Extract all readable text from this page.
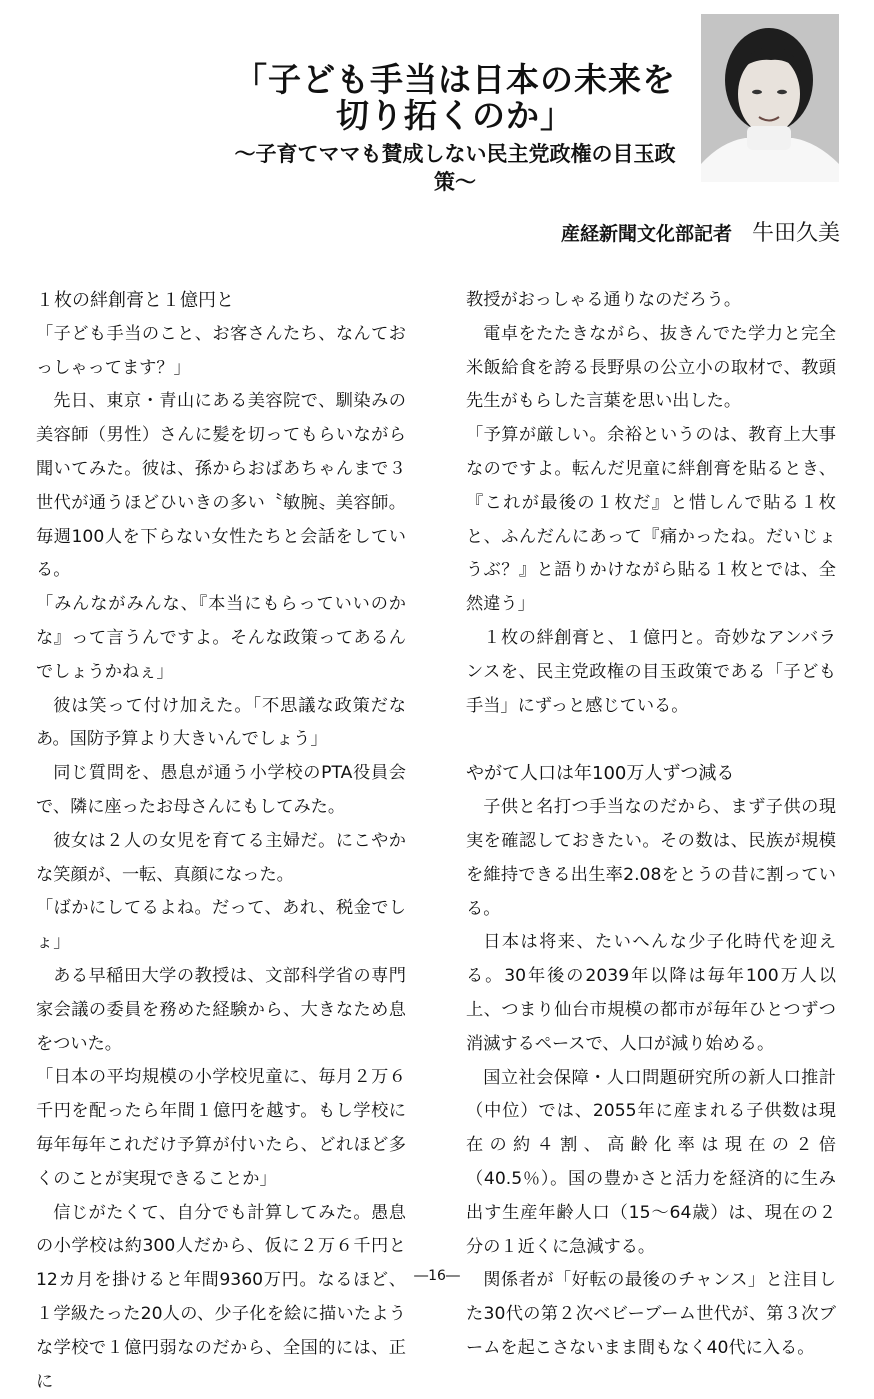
「子ども手当は日本の未来を
切り拓くのか」
〜子育てママも賛成しない民主党政権の目玉政策〜
産経新聞文化部記者 牛田久美
１枚の絆創膏と１億円と

「子ども手当のこと、お客さんたち、なんておっしゃってます？」

先日、東京・青山にある美容院で、馴染みの美容師（男性）さんに髪を切ってもらいながら聞いてみた。彼は、孫からおばあちゃんまで３世代が通うほどひいきの多い〝敏腕〟美容師。毎週100人を下らない女性たちと会話をしている。

「みんながみんな、『本当にもらっていいのかな』って言うんですよ。そんな政策ってあるんでしょうかねぇ」

彼は笑って付け加えた。「不思議な政策だなあ。国防予算より大きいんでしょう」

同じ質問を、愚息が通う小学校のPTA役員会で、隣に座ったお母さんにもしてみた。

彼女は２人の女児を育てる主婦だ。にこやかな笑顔が、一転、真顔になった。

「ばかにしてるよね。だって、あれ、税金でしょ」

ある早稲田大学の教授は、文部科学省の専門家会議の委員を務めた経験から、大きなため息をついた。

「日本の平均規模の小学校児童に、毎月２万６千円を配ったら年間１億円を越す。もし学校に毎年毎年これだけ予算が付いたら、どれほど多くのことが実現できることか」

信じがたくて、自分でも計算してみた。愚息の小学校は約300人だから、仮に２万６千円と12カ月を掛けると年間9360万円。なるほど、１学級たった20人の、少子化を絵に描いたような学校で１億円弱なのだから、全国的には、正に

教授がおっしゃる通りなのだろう。

電卓をたたきながら、抜きんでた学力と完全米飯給食を誇る長野県の公立小の取材で、教頭先生がもらした言葉を思い出した。

「予算が厳しい。余裕というのは、教育上大事なのですよ。転んだ児童に絆創膏を貼るとき、『これが最後の１枚だ』と惜しんで貼る１枚と、ふんだんにあって『痛かったね。だいじょうぶ？』と語りかけながら貼る１枚とでは、全然違う」

１枚の絆創膏と、１億円と。奇妙なアンバランスを、民主党政権の目玉政策である「子ども手当」にずっと感じている。

やがて人口は年100万人ずつ減る

子供と名打つ手当なのだから、まず子供の現実を確認しておきたい。その数は、民族が規模を維持できる出生率2.08をとうの昔に割っている。

日本は将来、たいへんな少子化時代を迎える。30年後の2039年以降は毎年100万人以上、つまり仙台市規模の都市が毎年ひとつずつ消滅するペースで、人口が減り始める。

国立社会保障・人口問題研究所の新人口推計（中位）では、2055年に産まれる子供数は現在の約４割、高齢化率は現在の２倍（40.5％）。国の豊かさと活力を経済的に生み出す生産年齢人口（15〜64歳）は、現在の２分の１近くに急減する。

関係者が「好転の最後のチャンス」と注目した30代の第２次ベビーブーム世代が、第３次ブームを起こさないまま間もなく40代に入る。

―16―
